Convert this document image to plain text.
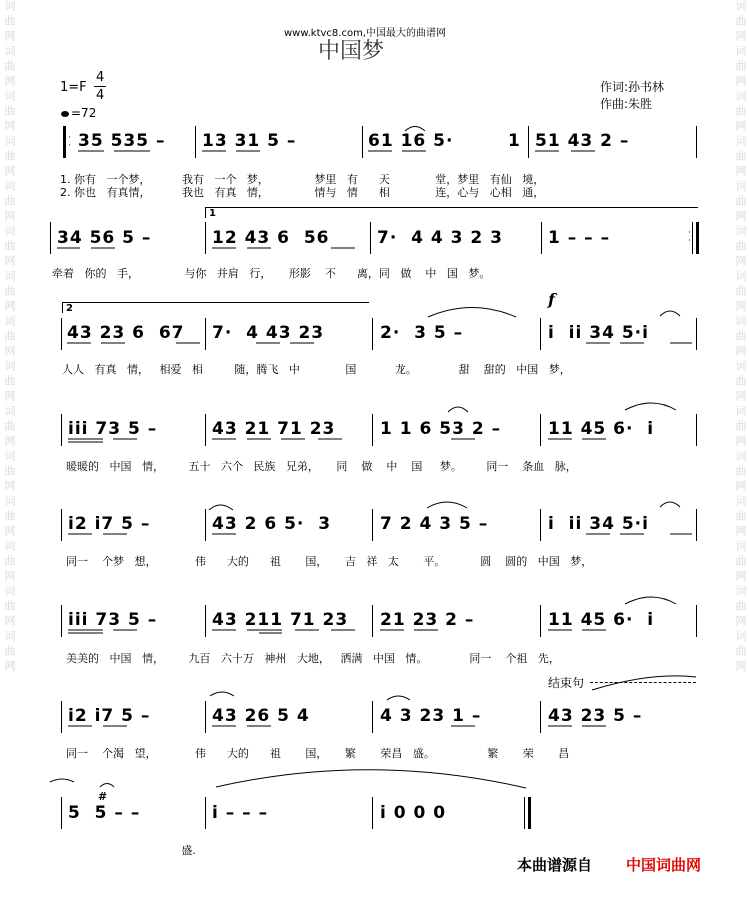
词曲网词曲网词曲网词曲网词曲网词曲网词曲网词曲网词曲网词曲网词曲网词曲网词曲网词曲网词曲网	词曲网词曲网词曲网词曲网词曲网词曲网词曲网词曲网词曲网词曲网词曲网词曲网词曲网词曲网词曲网
www.ktvc8.com,中国最大的曲谱网
中国梦
1=F
4
4
=72
作词:孙书林
作曲:朱胜
·
· 35 535 – 13 31 5 –	61 16 5·	1 51 43 2 –
1. 你有   一个梦，         我有   一个   梦，             梦里   有      天             堂，梦里   有仙   境，
2. 你也   有真情，         我也   有真   情，             情与   情      相             连，心与   心相   通，
1
34 56 5 –	12 43 6  56	7·  4 4 3 2 3	1 – – –	·
·
牵着   你的   手，             与你   并肩   行，     形影    不      离，同   做    中   国   梦。
2	f
43 23 6  67 7·  4 43 23	2·  3 5 –	i  ii 34 5·i
人人   有真   情，   相爱   相         随，腾飞   中             国           龙。            甜    甜的   中国   梦，
iii 73 5 –	43 21 71 23	1 1 6 53 2 –	11 45 6·  i
暖暖的   中国   情，       五十   六个   民族   兄弟，     同    做    中    国     梦。       同一    条血   脉，
i2 i7 5 –	43 2 6 5·  3	7 2 4 3 5 –	i  ii 34 5·i
同一    个梦   想，           伟      大的      祖       国，     吉   祥   太       平。          圆    圆的   中国   梦，
iii 73 5 –	43 211 71 23 21 23 2 –	11 45 6·  i
美美的   中国   情，       九百   六十万   神州   大地，   洒满   中国   情。            同一    个祖   先，
结束句
i2 i7 5 –	43 26 5 4	4 3 23 1 –	43 23 5 –
同一    个渴   望，           伟      大的      祖       国，     繁       荣昌   盛。               繁       荣       昌
5  5 – –
#
i – – –	i 0 0 0
盛.
本曲谱源自 中国词曲网
